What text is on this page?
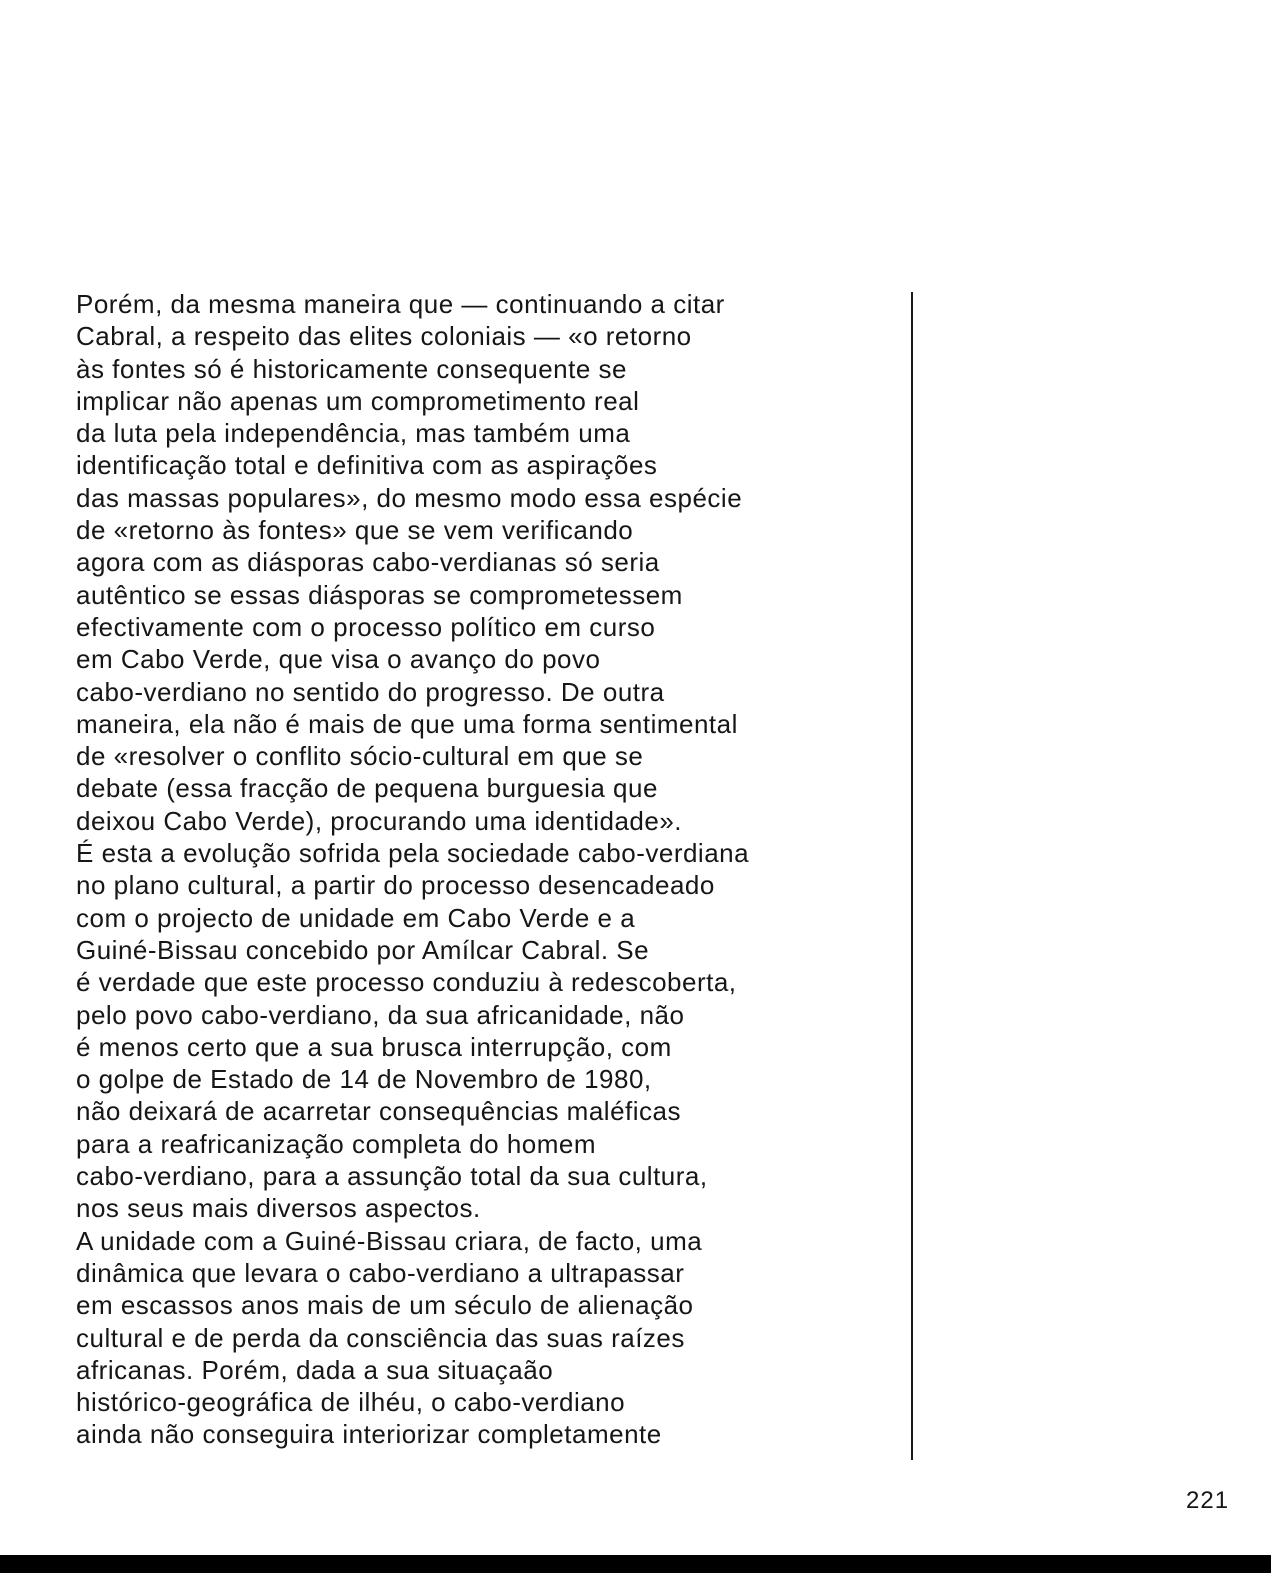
Porém, da mesma maneira que — continuando a citar
Cabral, a respeito das elites coloniais — «o retorno
às fontes só é historicamente consequente se
implicar não apenas um comprometimento real
da luta pela independência, mas também uma
identificação total e definitiva com as aspirações
das massas populares», do mesmo modo essa espécie
de «retorno às fontes» que se vem verificando
agora com as diásporas cabo-verdianas só seria
autêntico se essas diásporas se comprometessem
efectivamente com o processo político em curso
em Cabo Verde, que visa o avanço do povo
cabo-verdiano no sentido do progresso. De outra
maneira, ela não é mais de que uma forma sentimental
de «resolver o conflito sócio-cultural em que se
debate (essa fracção de pequena burguesia que
deixou Cabo Verde), procurando uma identidade».
É esta a evolução sofrida pela sociedade cabo-verdiana
no plano cultural, a partir do processo desencadeado
com o projecto de unidade em Cabo Verde e a
Guiné-Bissau concebido por Amílcar Cabral. Se
é verdade que este processo conduziu à redescoberta,
pelo povo cabo-verdiano, da sua africanidade, não
é menos certo que a sua brusca interrupção, com
o golpe de Estado de 14 de Novembro de 1980,
não deixará de acarretar consequências maléficas
para a reafricanização completa do homem
cabo-verdiano, para a assunção total da sua cultura,
nos seus mais diversos aspectos.
A unidade com a Guiné-Bissau criara, de facto, uma
dinâmica que levara o cabo-verdiano a ultrapassar
em escassos anos mais de um século de alienação
cultural e de perda da consciência das suas raízes
africanas. Porém, dada a sua situaçaão
histórico-geográfica de ilhéu, o cabo-verdiano
ainda não conseguira interiorizar completamente
221
